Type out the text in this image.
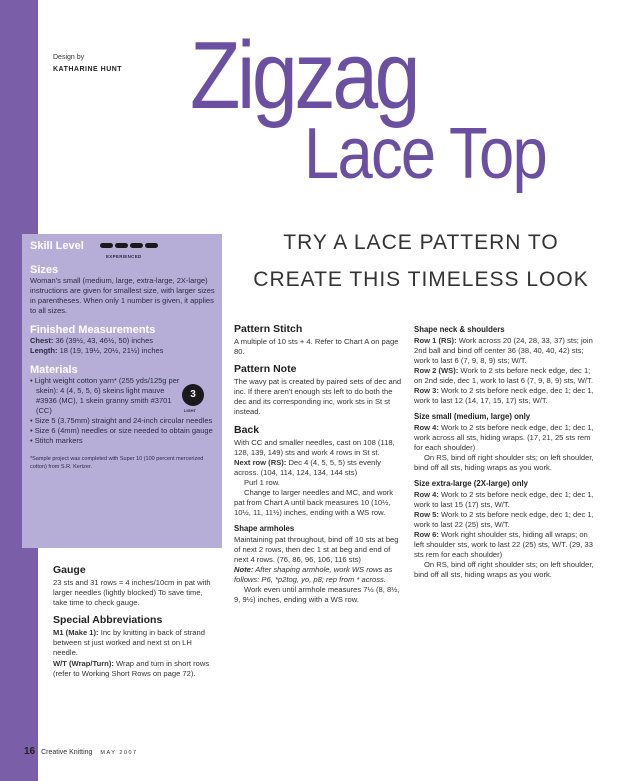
Design by
KATHARINE HUNT Zigzag
Lace Top
TRY A LACE PATTERN TO
CREATE THIS TIMELESS LOOK
Skill Level
EXPERIENCED
Sizes
Woman's small (medium, large, extra-large, 2X-large) instructions are given for smallest size, with larger sizes in parentheses. When only 1 number is given, it applies to all sizes.
Finished Measurements
Chest: 36 (39½, 43, 46½, 50) inches
Length: 18 (19, 19½, 20½, 21½) inches
Materials
• Light weight cotton yarn* (255 yds/125g per skein): 4 (4, 5, 5, 6) skeins light mauve #3936 (MC), 1 skein granny smith #3701 (CC)
• Size 5 (3.75mm) straight and 24-inch circular needles
• Size 6 (4mm) needles or size needed to obtain gauge
• Stitch markers
*Sample project was completed with Super 10 (100 percent mercerized cotton) from S.R. Kertzer.
3
LIGHT
Gauge

23 sts and 31 rows = 4 inches/10cm in pat with larger needles (lightly blocked) To save time, take time to check gauge.

Special Abbreviations

M1 (Make 1): Inc by knitting in back of strand between st just worked and next st on LH needle.

W/T (Wrap/Turn): Wrap and turn in short rows (refer to Working Short Rows on page 72).

Pattern Stitch

A multiple of 10 sts + 4. Refer to Chart A on page 80.

Pattern Note

The wavy pat is created by paired sets of dec and inc. If there aren't enough sts left to do both the dec and its corresponding inc, work sts in St st instead.

Back

With CC and smaller needles, cast on 108 (118, 128, 139, 149) sts and work 4 rows in St st.

Next row (RS): Dec 4 (4, 5, 5, 5) sts evenly across. (104, 114, 124, 134, 144 sts)

Purl 1 row.

Change to larger needles and MC, and work pat from Chart A until back measures 10 (10½, 10½, 11, 11½) inches, ending with a WS row.

Shape armholes

Maintaining pat throughout, bind off 10 sts at beg of next 2 rows, then dec 1 st at beg and end of next 4 rows. (76, 86, 96, 106, 116 sts)

Note: After shaping armhole, work WS rows as follows: P6, *p2tog, yo, p8; rep from * across.

Work even until armhole measures 7½ (8, 8½, 9, 9½) inches, ending with a WS row.

Shape neck & shoulders

Row 1 (RS): Work across 20 (24, 28, 33, 37) sts; join 2nd ball and bind off center 36 (38, 40, 40, 42) sts; work to last 6 (7, 9, 8, 9) sts; W/T.

Row 2 (WS): Work to 2 sts before neck edge, dec 1; on 2nd side, dec 1, work to last 6 (7, 9, 8, 9) sts, W/T.

Row 3: Work to 2 sts before neck edge, dec 1; dec 1, work to last 12 (14, 17, 15, 17) sts, W/T.

Size small (medium, large) only

Row 4: Work to 2 sts before neck edge, dec 1; dec 1, work across all sts, hiding wraps. (17, 21, 25 sts rem for each shoulder)

On RS, bind off right shoulder sts; on left shoulder, bind off all sts, hiding wraps as you work.

Size extra-large (2X-large) only

Row 4: Work to 2 sts before neck edge, dec 1; dec 1, work to last 15 (17) sts, W/T.

Row 5: Work to 2 sts before neck edge, dec 1; dec 1, work to last 22 (25) sts, W/T.

Row 6: Work right shoulder sts, hiding all wraps; on left shoulder sts, work to last 22 (25) sts, W/T. (29, 33 sts rem for each shoulder)

On RS, bind off right shoulder sts; on left shoulder, bind off all sts, hiding wraps as you work.

16 Creative Knitting MAY 2007
